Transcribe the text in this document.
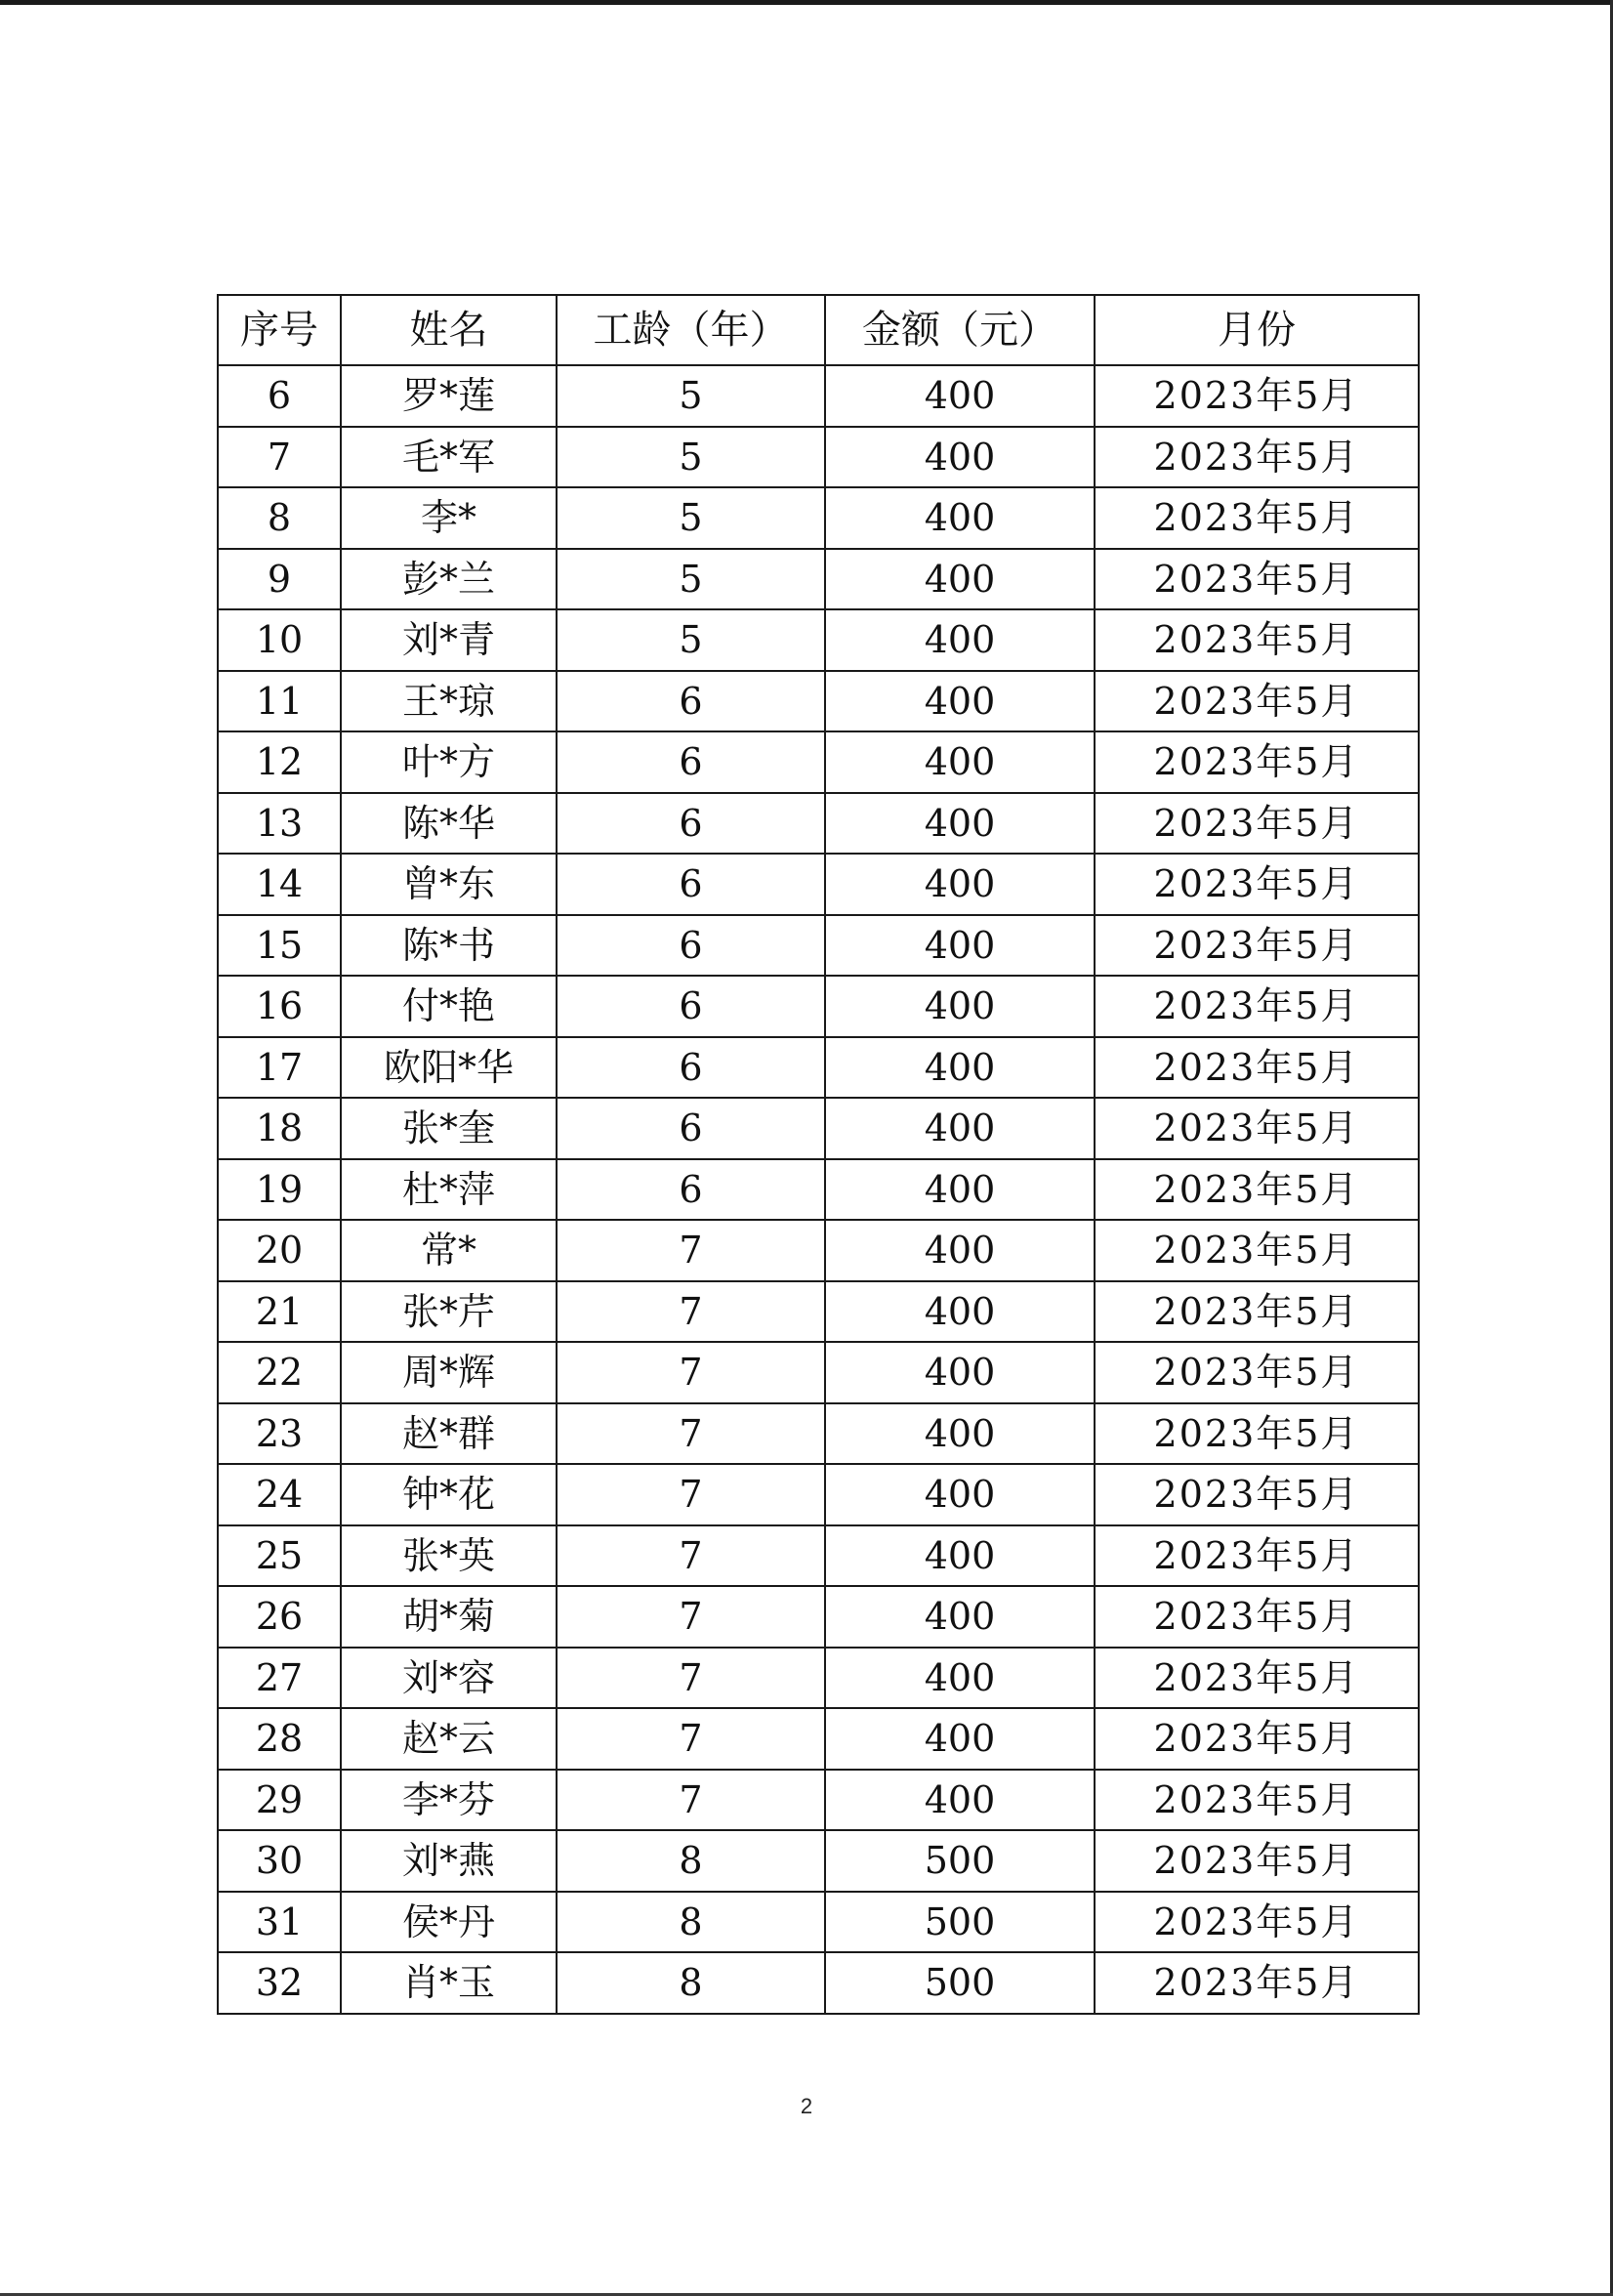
序号	姓名	工龄（年）	金额（元）	月份
6	罗*莲	5	400	2023年5月
7	毛*军	5	400	2023年5月
8	李*	5	400	2023年5月
9	彭*兰	5	400	2023年5月
10	刘*青	5	400	2023年5月
11	王*琼	6	400	2023年5月
12	叶*方	6	400	2023年5月
13	陈*华	6	400	2023年5月
14	曾*东	6	400	2023年5月
15	陈*书	6	400	2023年5月
16	付*艳	6	400	2023年5月
17	欧阳*华	6	400	2023年5月
18	张*奎	6	400	2023年5月
19	杜*萍	6	400	2023年5月
20	常*	7	400	2023年5月
21	张*芹	7	400	2023年5月
22	周*辉	7	400	2023年5月
23	赵*群	7	400	2023年5月
24	钟*花	7	400	2023年5月
25	张*英	7	400	2023年5月
26	胡*菊	7	400	2023年5月
27	刘*容	7	400	2023年5月
28	赵*云	7	400	2023年5月
29	李*芬	7	400	2023年5月
30	刘*燕	8	500	2023年5月
31	侯*丹	8	500	2023年5月
32	肖*玉	8	500	2023年5月
2
